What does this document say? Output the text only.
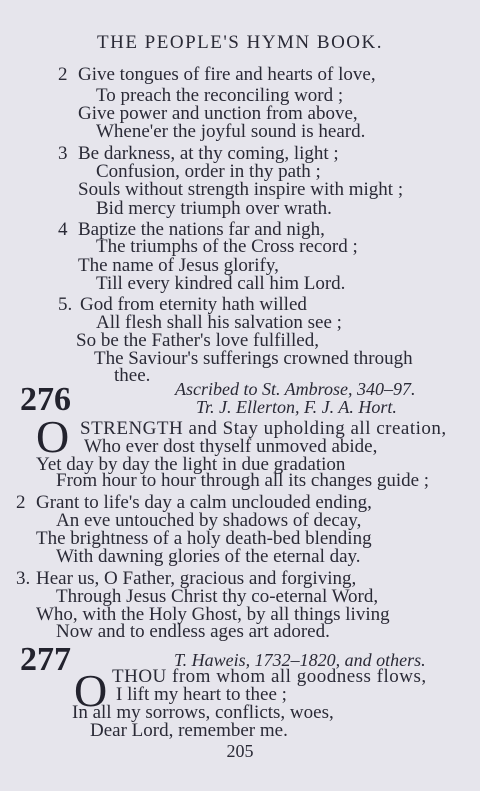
THE PEOPLE'S HYMN BOOK.
2 Give tongues of fire and hearts of love,
To preach the reconciling word ;
Give power and unction from above,
Whene'er the joyful sound is heard.
3 Be darkness, at thy coming, light ;
Confusion, order in thy path ;
Souls without strength inspire with might ;
Bid mercy triumph over wrath.
4 Baptize the nations far and nigh,
The triumphs of the Cross record ;
The name of Jesus glorify,
Till every kindred call him Lord.
5. God from eternity hath willed
All flesh shall his salvation see ;
So be the Father's love fulfilled,
The Saviour's sufferings crowned through
thee.
276	Ascribed to St. Ambrose, 340–97.
Tr. J. Ellerton, F. J. A. Hort.
O STRENGTH and Stay upholding all creation,
Who ever dost thyself unmoved abide,
Yet day by day the light in due gradation
From hour to hour through all its changes guide ;
2 Grant to life's day a calm unclouded ending,
An eve untouched by shadows of decay,
The brightness of a holy death-bed blending
With dawning glories of the eternal day.
3. Hear us, O Father, gracious and forgiving,
Through Jesus Christ thy co-eternal Word,
Who, with the Holy Ghost, by all things living
Now and to endless ages art adored.
277	T. Haweis, 1732–1820, and others.
O THOU from whom all goodness flows,
I lift my heart to thee ;
In all my sorrows, conflicts, woes,
Dear Lord, remember me.
205
